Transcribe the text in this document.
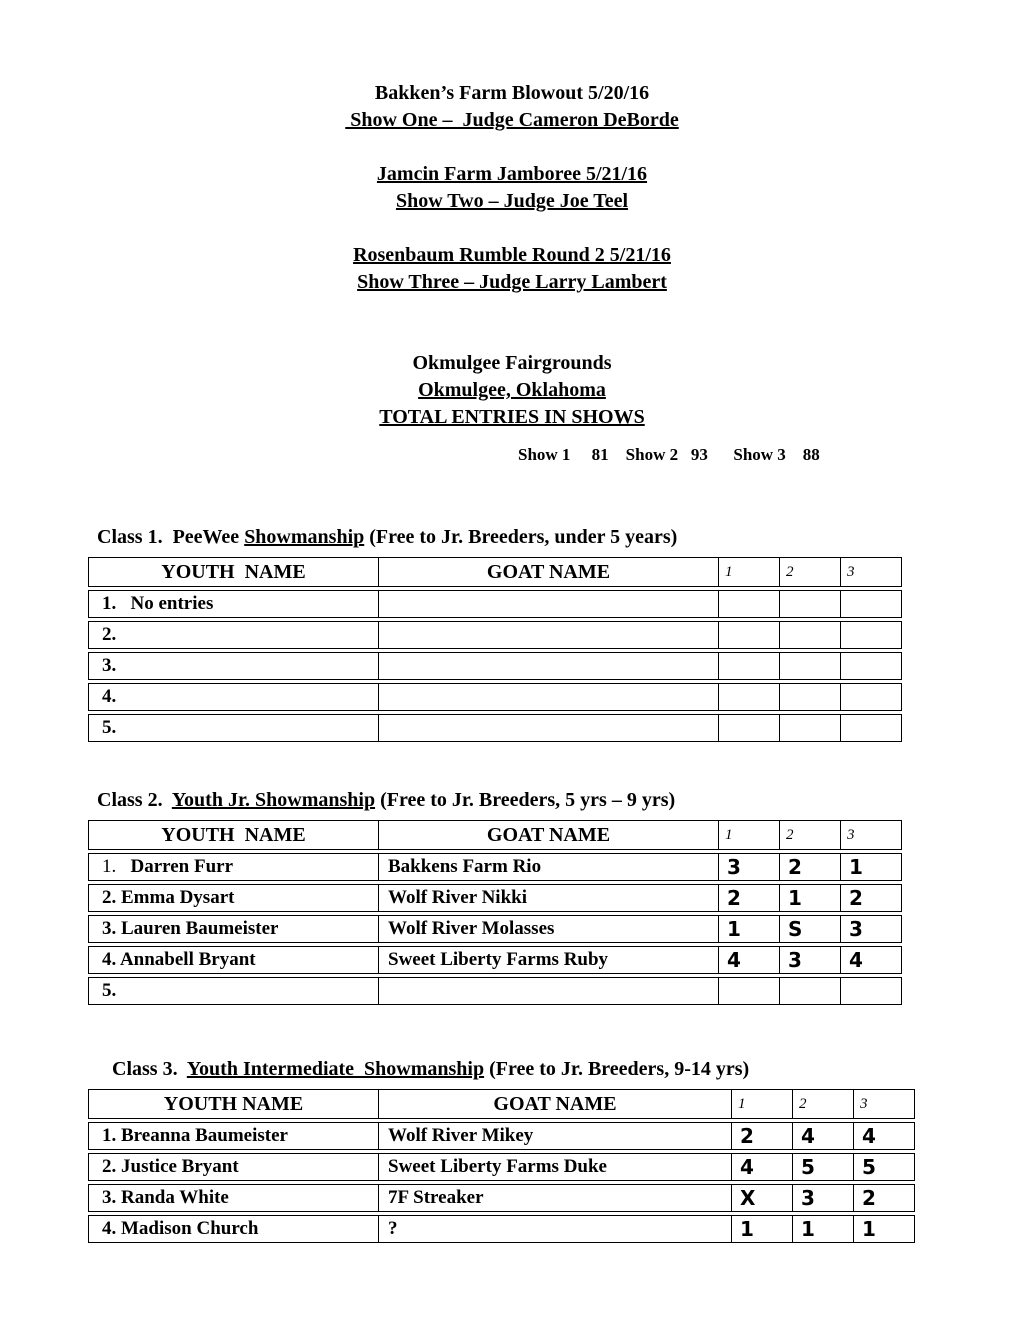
Bakken’s Farm Blowout 5/20/16
Show One –  Judge Cameron DeBorde
Jamcin Farm Jamboree 5/21/16
Show Two – Judge Joe Teel
Rosenbaum Rumble Round 2 5/21/16
Show Three – Judge Larry Lambert
Okmulgee Fairgrounds
Okmulgee, Oklahoma
TOTAL ENTRIES IN SHOWS
Show 1     81    Show 2   93      Show 3    88
Class 1.  PeeWee Showmanship (Free to Jr. Breeders, under 5 years)
YOUTH  NAME	GOAT NAME	1	2	3
1.   No entries				
2.				
3.				
4.				
5.				
Class 2.  Youth Jr. Showmanship (Free to Jr. Breeders, 5 yrs – 9 yrs)
YOUTH  NAME	GOAT NAME	1	2	3
1.   Darren Furr	Bakkens Farm Rio	3	2	1
2. Emma Dysart	Wolf River Nikki	2	1	2
3. Lauren Baumeister	Wolf River Molasses	1	S	3
4. Annabell Bryant	Sweet Liberty Farms Ruby	4	3	4
5.				
Class 3.  Youth Intermediate  Showmanship (Free to Jr. Breeders, 9-14 yrs)
YOUTH NAME	GOAT NAME	1	2	3
1. Breanna Baumeister	Wolf River Mikey	2	4	4
2. Justice Bryant	Sweet Liberty Farms Duke	4	5	5
3. Randa White	7F Streaker	X	3	2
4. Madison Church	?	1	1	1
